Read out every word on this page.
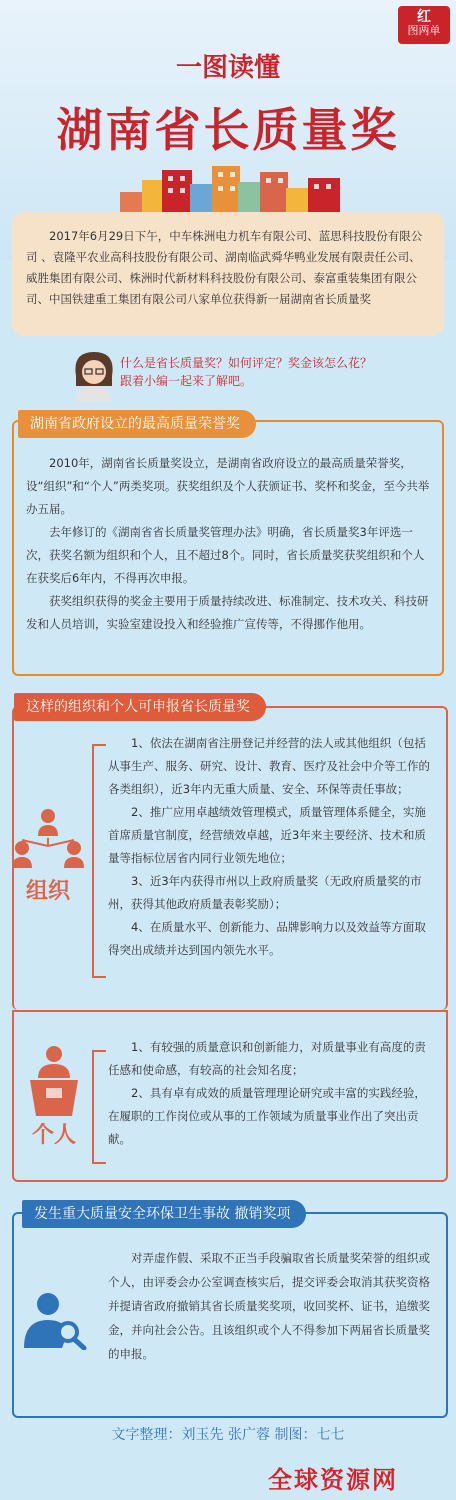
红
图两单
一图读懂
湖南省长质量奖
2017年6月29日下午，中车株洲电力机车有限公司、蓝思科技股份有限公司 、袁隆平农业高科技股份有限公司、湖南临武舜华鸭业发展有限责任公司、威胜集团有限公司、株洲时代新材料科技股份有限公司、泰富重装集团有限公司、中国铁建重工集团有限公司八家单位获得新一届湖南省长质量奖
什么是省长质量奖？如何评定？奖金该怎么花？
跟着小编一起来了解吧。
湖南省政府设立的最高质量荣誉奖

2010年，湖南省长质量奖设立，是湖南省政府设立的最高质量荣誉奖，设“组织”和“个人”两类奖项。获奖组织及个人获颁证书、奖杯和奖金，至今共举办五届。

去年修订的《湖南省省长质量奖管理办法》明确，省长质量奖3年评选一次，获奖名额为组织和个人，且不超过8个。同时，省长质量奖获奖组织和个人在获奖后6年内，不得再次申报。

获奖组织获得的奖金主要用于质量持续改进、标准制定、技术攻关、科技研发和人员培训，实验室建设投入和经验推广宣传等，不得挪作他用。

这样的组织和个人可申报省长质量奖
组织

1、依法在湖南省注册登记并经营的法人或其他组织（包括从事生产、服务、研究、设计、教育、医疗及社会中介等工作的各类组织），近3年内无重大质量、安全、环保等责任事故；

2、推广应用卓越绩效管理模式，质量管理体系健全，实施首席质量官制度，经营绩效卓越，近3年来主要经济、技术和质量等指标位居省内同行业领先地位；

3、近3年内获得市州以上政府质量奖（无政府质量奖的市州，获得其他政府质量表彰奖励）；

4、在质量水平、创新能力、品牌影响力以及效益等方面取得突出成绩并达到国内领先水平。

个人

1、有较强的质量意识和创新能力，对质量事业有高度的责任感和使命感，有较高的社会知名度；

2、具有卓有成效的质量管理理论研究或丰富的实践经验，在履职的工作岗位或从事的工作领域为质量事业作出了突出贡献。

发生重大质量安全环保卫生事故 撤销奖项
对弄虚作假、采取不正当手段骗取省长质量奖荣誉的组织或个人，由评委会办公室调查核实后，提交评委会取消其获奖资格并提请省政府撤销其省长质量奖奖项，收回奖杯、证书，追缴奖金，并向社会公告。且该组织或个人不得参加下两届省长质量奖的申报。
文字整理：刘玉先 张广蓉 制图：七七
全球资源网
